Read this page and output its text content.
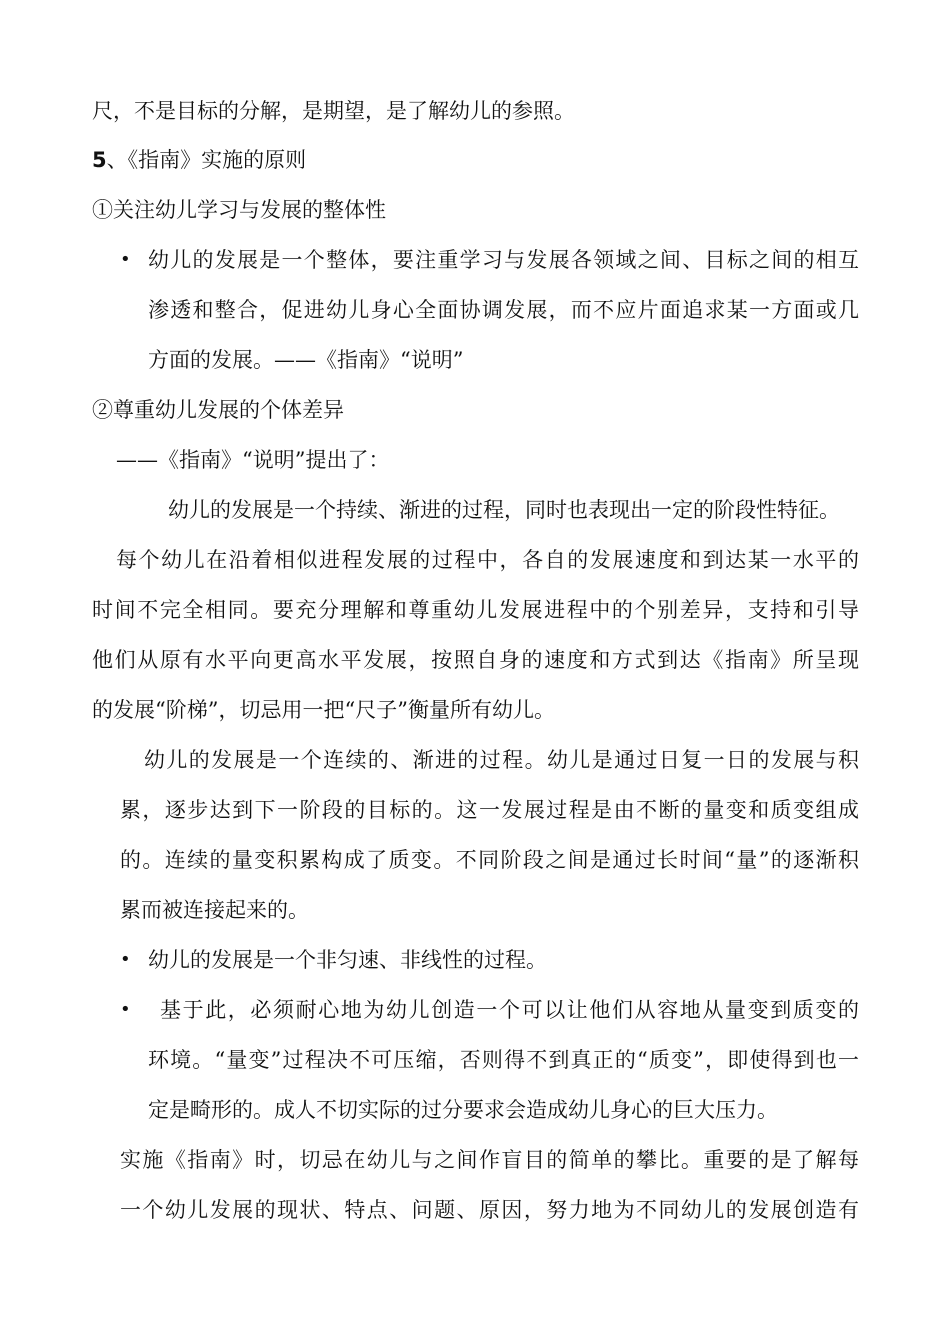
尺，不是目标的分解，是期望，是了解幼儿的参照。
5、《指南》实施的原则
①关注幼儿学习与发展的整体性
• 幼儿的发展是一个整体，要注重学习与发展各领域之间、目标之间的相互
渗透和整合，促进幼儿身心全面协调发展，而不应片面追求某一方面或几
方面的发展。——《指南》“说明”
②尊重幼儿发展的个体差异
——《指南》“说明”提出了：
幼儿的发展是一个持续、渐进的过程，同时也表现出一定的阶段性特征。
每个幼儿在沿着相似进程发展的过程中，各自的发展速度和到达某一水平的
时间不完全相同。要充分理解和尊重幼儿发展进程中的个别差异，支持和引导
他们从原有水平向更高水平发展，按照自身的速度和方式到达《指南》所呈现
的发展“阶梯”，切忌用一把“尺子”衡量所有幼儿。
幼儿的发展是一个连续的、渐进的过程。幼儿是通过日复一日的发展与积
累，逐步达到下一阶段的目标的。这一发展过程是由不断的量变和质变组成
的。连续的量变积累构成了质变。不同阶段之间是通过长时间“量”的逐渐积
累而被连接起来的。
• 幼儿的发展是一个非匀速、非线性的过程。
• 基于此，必须耐心地为幼儿创造一个可以让他们从容地从量变到质变的
环境。“量变”过程决不可压缩，否则得不到真正的“质变”，即使得到也一
定是畸形的。成人不切实际的过分要求会造成幼儿身心的巨大压力。
实施《指南》时，切忌在幼儿与之间作盲目的简单的攀比。重要的是了解每
一个幼儿发展的现状、特点、问题、原因，努力地为不同幼儿的发展创造有
